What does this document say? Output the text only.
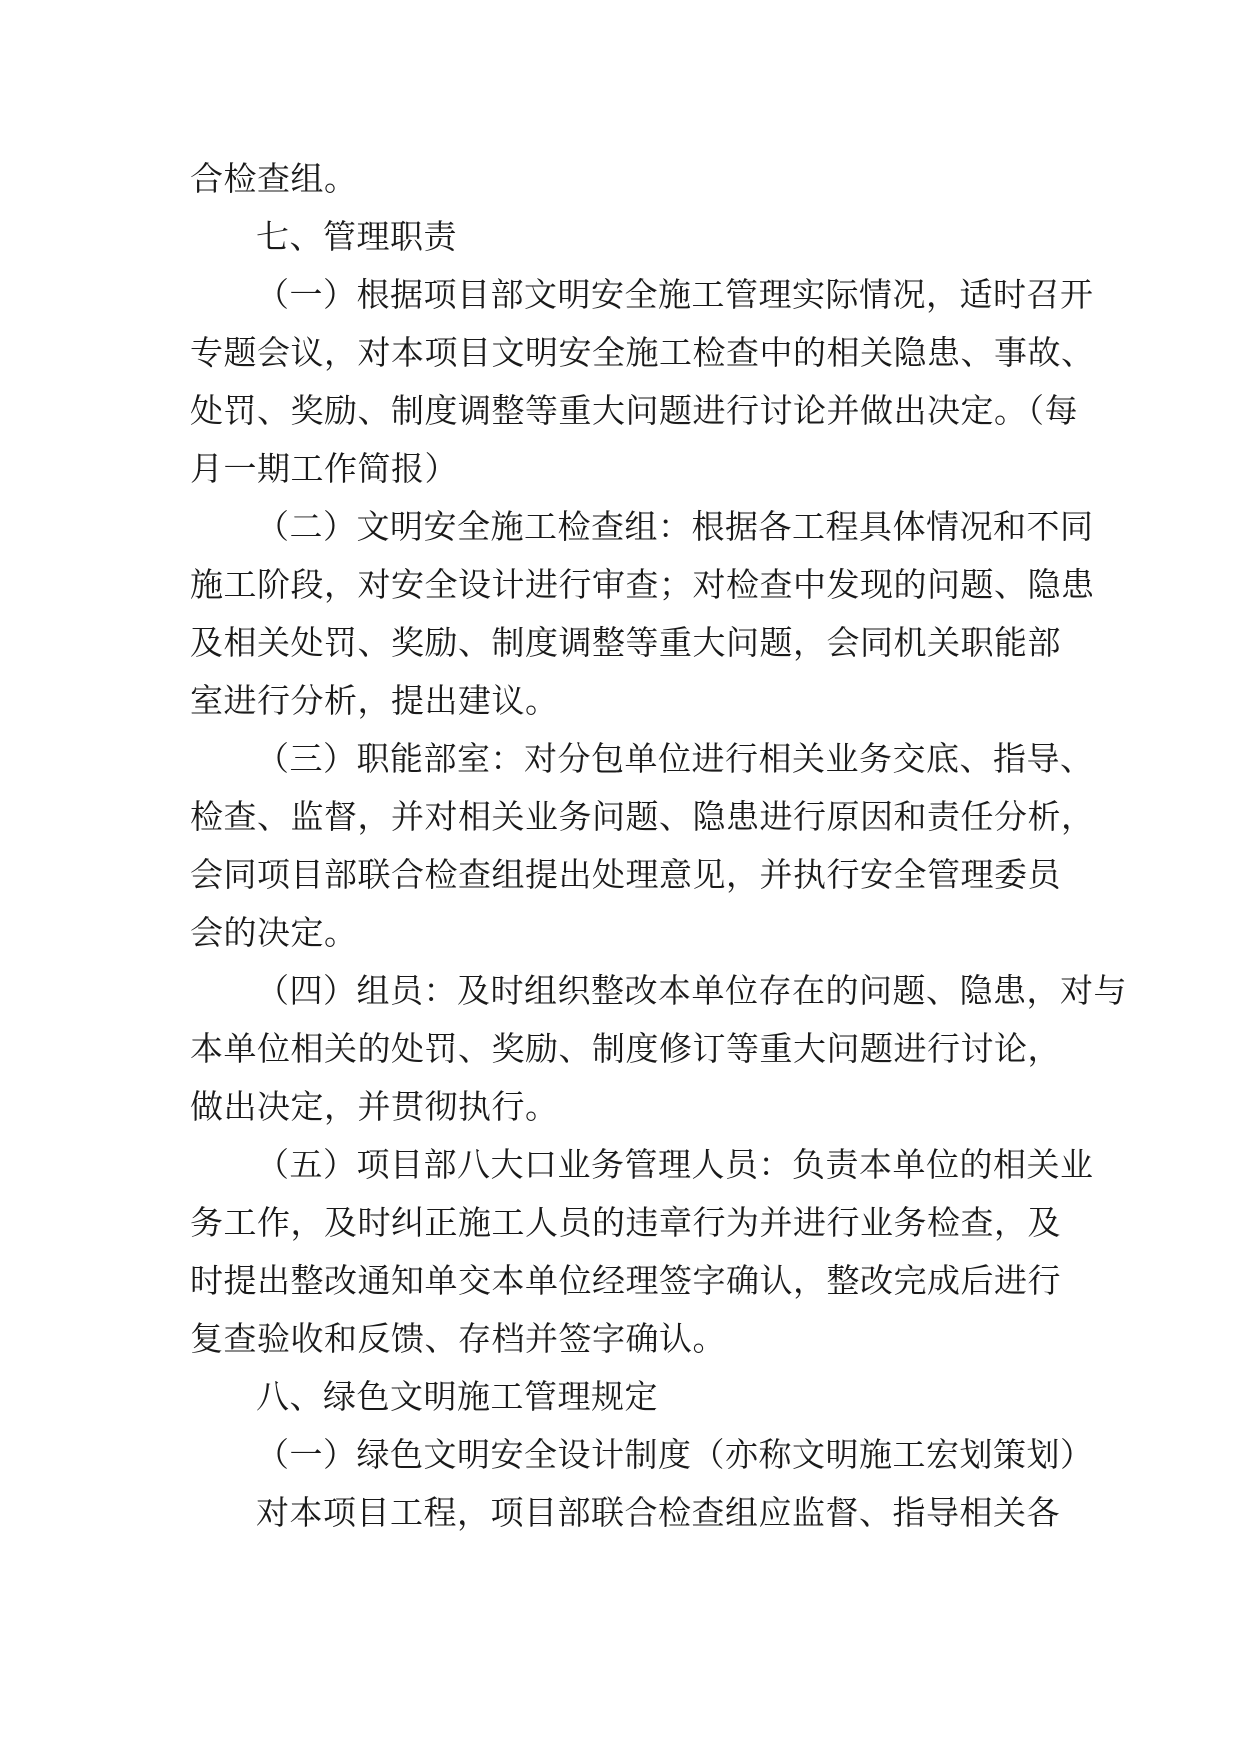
合检查组。
七、管理职责
（一）根据项目部文明安全施工管理实际情况，适时召开
专题会议，对本项目文明安全施工检查中的相关隐患、事故、
处罚、奖励、制度调整等重大问题进行讨论并做出决定。（每
月一期工作简报）
（二）文明安全施工检查组：根据各工程具体情况和不同
施工阶段，对安全设计进行审查；对检查中发现的问题、隐患
及相关处罚、奖励、制度调整等重大问题，会同机关职能部
室进行分析，提出建议。
（三）职能部室：对分包单位进行相关业务交底、指导、
检查、监督，并对相关业务问题、隐患进行原因和责任分析，
会同项目部联合检查组提出处理意见，并执行安全管理委员
会的决定。
（四）组员：及时组织整改本单位存在的问题、隐患，对与
本单位相关的处罚、奖励、制度修订等重大问题进行讨论，
做出决定，并贯彻执行。
（五）项目部八大口业务管理人员：负责本单位的相关业
务工作，及时纠正施工人员的违章行为并进行业务检查，及
时提出整改通知单交本单位经理签字确认，整改完成后进行
复查验收和反馈、存档并签字确认。
八、绿色文明施工管理规定
（一）绿色文明安全设计制度（亦称文明施工宏划策划）
对本项目工程，项目部联合检查组应监督、指导相关各
